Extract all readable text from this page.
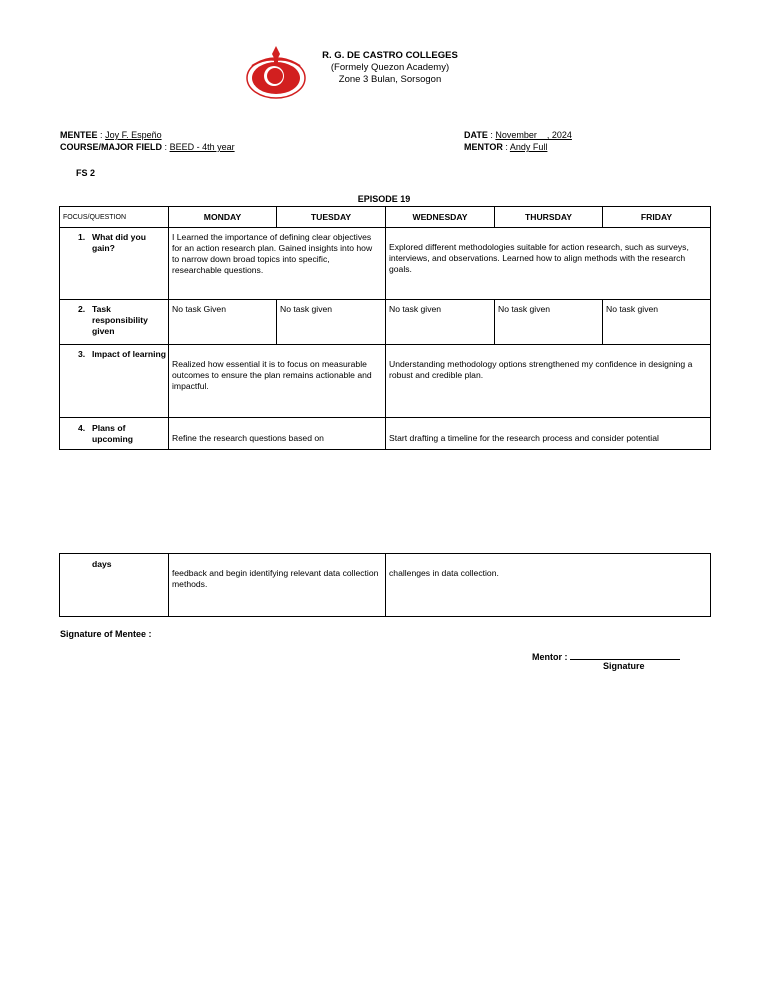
R. G. DE CASTRO COLLEGES
(Formely Quezon Academy)
Zone 3 Bulan, Sorsogon
MENTEE : Joy F. Espeño
COURSE/MAJOR FIELD : BEED - 4th year
DATE : November    , 2024
MENTOR : Andy Full
FS 2
EPISODE 19
FOCUS/QUESTION	MONDAY	TUESDAY	WEDNESDAY	THURSDAY	FRIDAY

1. What did you gain?	I Learned the importance of defining clear objectives for an action research plan. Gained insights into how to narrow down broad topics into specific, researchable questions.		Explored different methodologies suitable for action research, such as surveys, interviews, and observations. Learned how to align methods with the research goals.		

2. Task responsibility given	No task Given	No task given	No task given	No task given	No task given

3. Impact of learning	Realized how essential it is to focus on measurable outcomes to ensure the plan remains actionable and impactful.		Understanding methodology options strengthened my confidence in designing a robust and credible plan.		

4. Plans of upcoming	Refine the research questions based on		Start drafting a timeline for the research process and consider potential		
days	feedback and begin identifying relevant data collection methods.	challenges in data collection.
Signature of Mentee :
Mentor :
Signature
